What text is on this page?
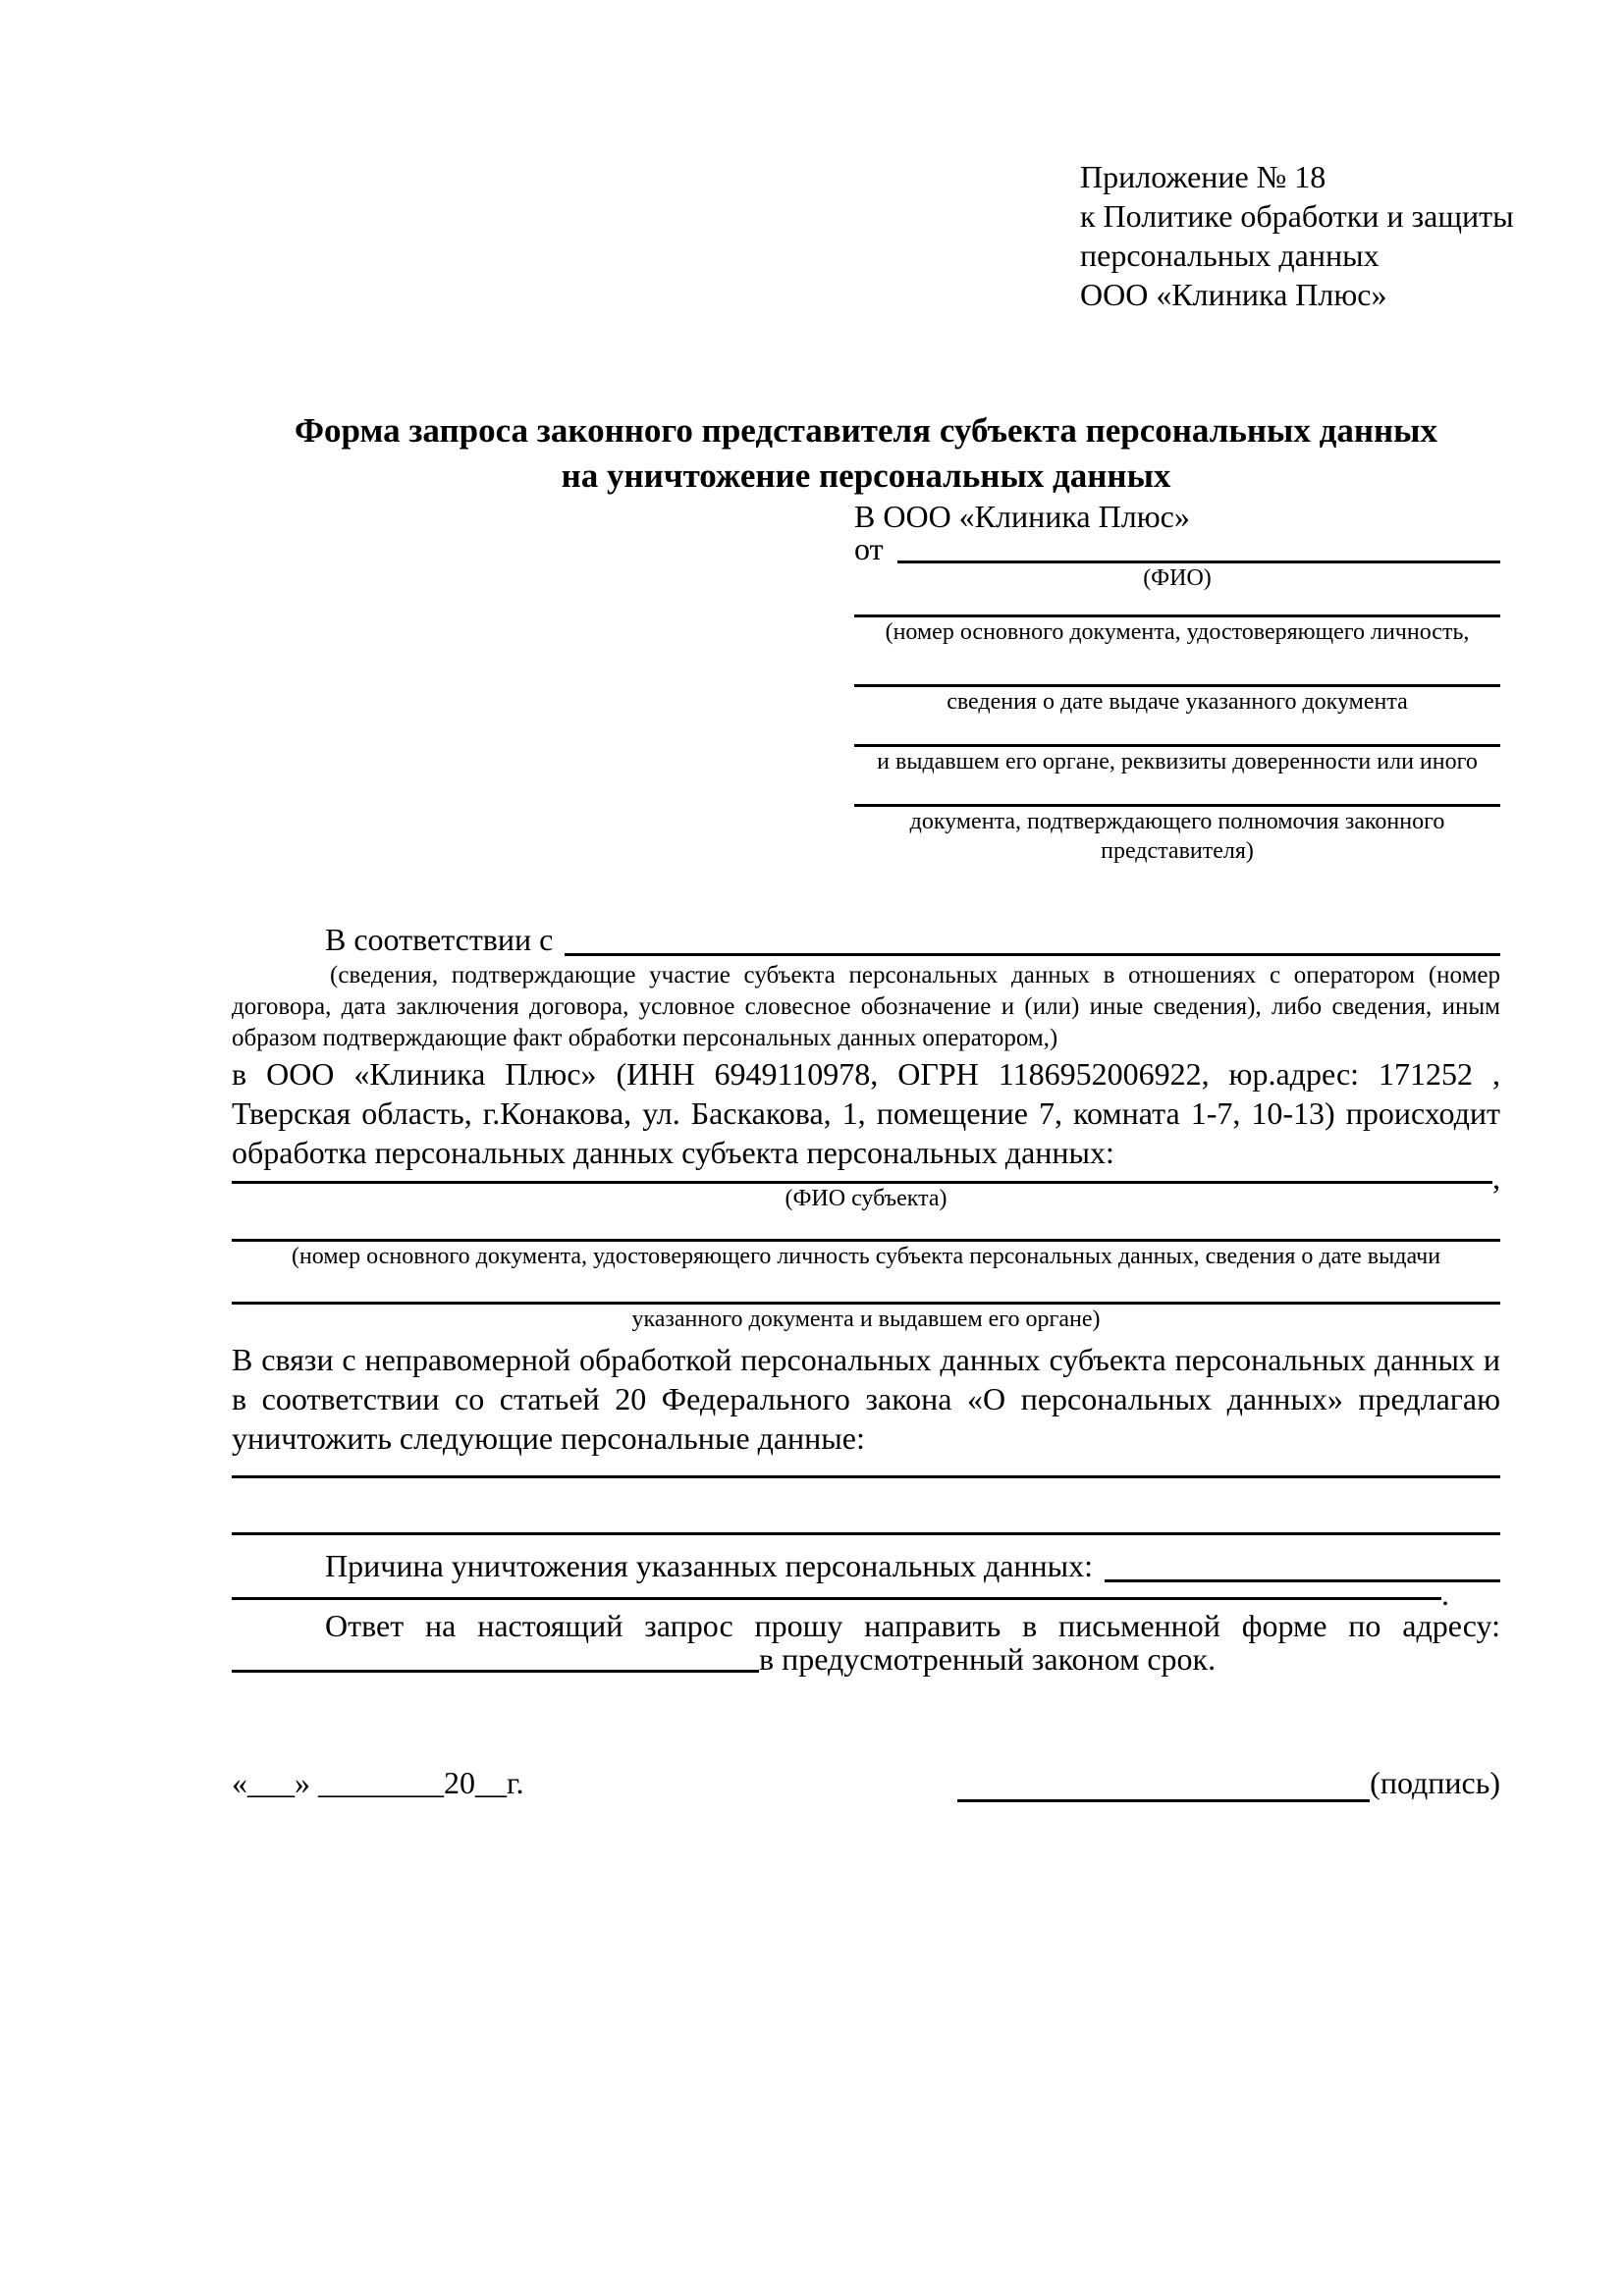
Приложение № 18
к Политике обработки и защиты
персональных данных
ООО «Клиника Плюс»
Форма запроса законного представителя субъекта персональных данных
на уничтожение персональных данных
В ООО «Клиника Плюс»
от
(ФИО)
(номер основного документа, удостоверяющего личность,
сведения о дате выдаче указанного документа
и выдавшем его органе, реквизиты доверенности или иного
документа, подтверждающего полномочия законного представителя)
В соответствии с
(сведения, подтверждающие участие субъекта персональных данных в отношениях с оператором (номер договора, дата заключения договора, условное словесное обозначение и (или) иные сведения), либо сведения, иным образом подтверждающие факт обработки персональных данных оператором,)
в ООО «Клиника Плюс» (ИНН 6949110978, ОГРН 1186952006922, юр.адрес: 171252 , Тверская область, г.Конакова, ул. Баскакова, 1, помещение 7, комната 1-7, 10-13) происходит обработка персональных данных субъекта персональных данных:
,
(ФИО субъекта)
(номер основного документа, удостоверяющего личность субъекта персональных данных, сведения о дате выдачи
указанного документа и выдавшем его органе)
В связи с неправомерной обработкой персональных данных субъекта персональных данных и в соответствии со статьей 20 Федерального закона «О персональных данных» предлагаю уничтожить следующие персональные данные:
Причина уничтожения указанных персональных данных:
.
Ответ на настоящий запрос прошу направить в письменной форме по адресу:
в предусмотренный законом срок.
«___» ________20__г.	(подпись)
